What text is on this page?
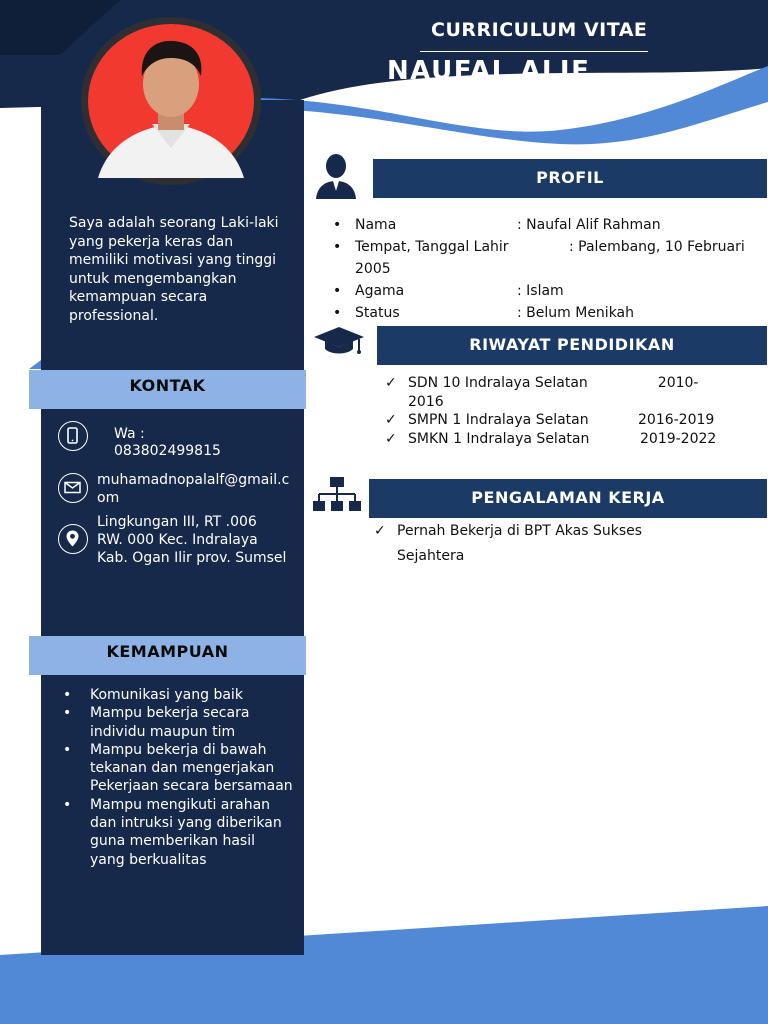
CURRICULUM VITAE
NAUFAL ALIF RAHMAN
Saya adalah seorang Laki-laki yang pekerja keras dan memiliki motivasi yang tinggi untuk mengembangkan kemampuan secara professional.
KONTAK
Wa :
083802499815
muhamadnopalalf@gmail.com
Lingkungan III, RT .006 RW. 000 Kec. Indralaya Kab. Ogan Ilir prov. Sumsel
KEMAMPUAN
• Komunikasi yang baik
• Mampu bekerja secara individu maupun tim
• Mampu bekerja di bawah tekanan dan mengerjakan Pekerjaan secara bersamaan
• Mampu mengikuti arahan dan intruksi yang diberikan guna memberikan hasil yang berkualitas
PROFIL
• Nama	: Naufal Alif Rahman
• Tempat, Tanggal Lahir	: Palembang, 10 Februari 2005
• Agama	: Islam
• Status	: Belum Menikah
RIWAYAT PENDIDIKAN
✓ SDN 10 Indralaya Selatan	2010-2016
✓ SMPN 1 Indralaya Selatan	2016-2019
✓ SMKN 1 Indralaya Selatan	2019-2022
PENGALAMAN KERJA
✓ Pernah Bekerja di BPT Akas Sukses Sejahtera
